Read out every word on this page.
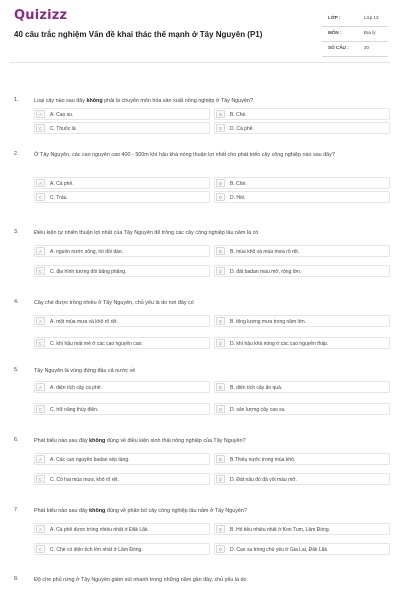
Quizizz
40 câu trắc nghiệm Vấn đề khai thác thế mạnh ở Tây Nguyên (P1)
LỚP :	Lớp 12
MÔN :	Địa lý
SỐ CÂU :	20
1.	Loại cây nào sau đây không phải là chuyên môn hóa sản xuất nông nghiệp ở Tây Nguyên?
A	A. Cao su.	B	B. Chè.
C	C. Thuốc lá.	D	D. Cà phê.
2.	Ở Tây Nguyên, các cao nguyên cao 400 - 500m khí hậu khá nóng thuận lợi nhất cho phát triển cây công nghiệp nào sau đây?
A	A. Cà phê.	B	B. Chè.
C	C. Trầu.	D	D. Hồi.
3.	Điều kiện tự nhiên thuận lợi nhất của Tây Nguyên để trồng các cây công nghiệp lâu năm là có
A	A. nguồn nước sông, hồ dồi dào.	B	B. mùa khô và mùa mưa rõ rệt.
C	C. địa hình tương đối bằng phẳng.	D	D. đất badan màu mỡ, rộng lớn.
4.	Cây chè được trồng nhiều ở Tây Nguyên, chủ yếu là do nơi đây có
A	A. một mùa mưa và khô rõ rệt.	B	B. tổng lượng mưa trong năm lớn.
C	C. khí hậu mát mẻ ở các cao nguyên cao.	D	D. khí hậu khá nóng ở các cao nguyên thấp.
5.	Tây Nguyên là vùng đứng đầu cả nước về
A	A. diện tích cây cà phê.	B	B. diện tích cây ăn quả.
C	C. trữ năng thủy điện.	D	D. sản lượng cây cao su.
6.	Phát biểu nào sau đây không đúng về điều kiện sinh thái nông nghiệp của Tây Nguyên?
A	A. Các cao nguyên badan xếp tầng.	B	B.Thiếu nước trong mùa khô.
C	C. Có hai mùa mưa, khô rõ rệt.	D	D. Đất nâu đỏ đá vôi màu mỡ.
7.	Phát biểu nào sau đây không đúng về phân bố cây công nghiệp lâu năm ở Tây Nguyên?
A	A. Cà phê được trồng nhiều nhất ở Đắk Lắk.	B	B. Hồ tiêu nhiều nhất ở Kon Tum, Lâm Đồng.
C	C. Chè có diện tích lớn nhất ở Lâm Đồng.	D	D. Cao su trồng chủ yếu ở Gia Lai, Đắk Lắk.
8.	Độ che phủ rừng ở Tây Nguyên giảm sút nhanh trong những năm gần đây, chủ yếu là do
